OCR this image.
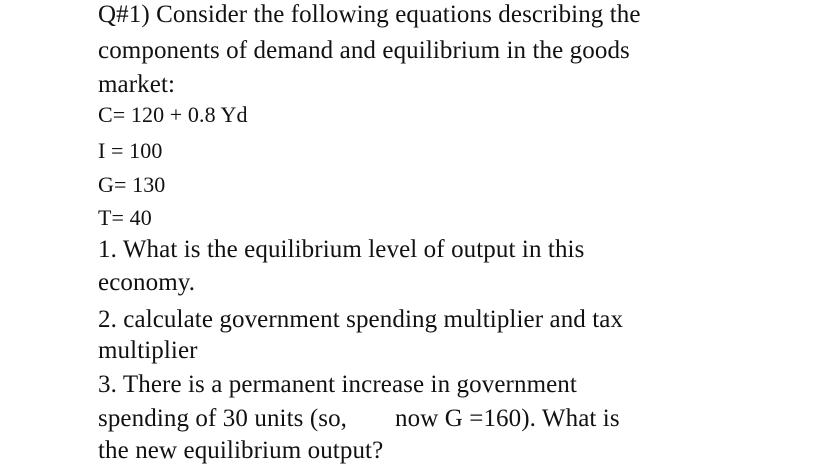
Q#1) Consider the following equations describing the
components of demand and equilibrium in the goods
market:
C= 120 + 0.8 Yd
I = 100
G= 130
T= 40
1. What is the equilibrium level of output in this
economy.
2. calculate government spending multiplier and tax
multiplier
3. There is a permanent increase in government
spending of 30 units (so, now G =160). What is
the new equilibrium output?
